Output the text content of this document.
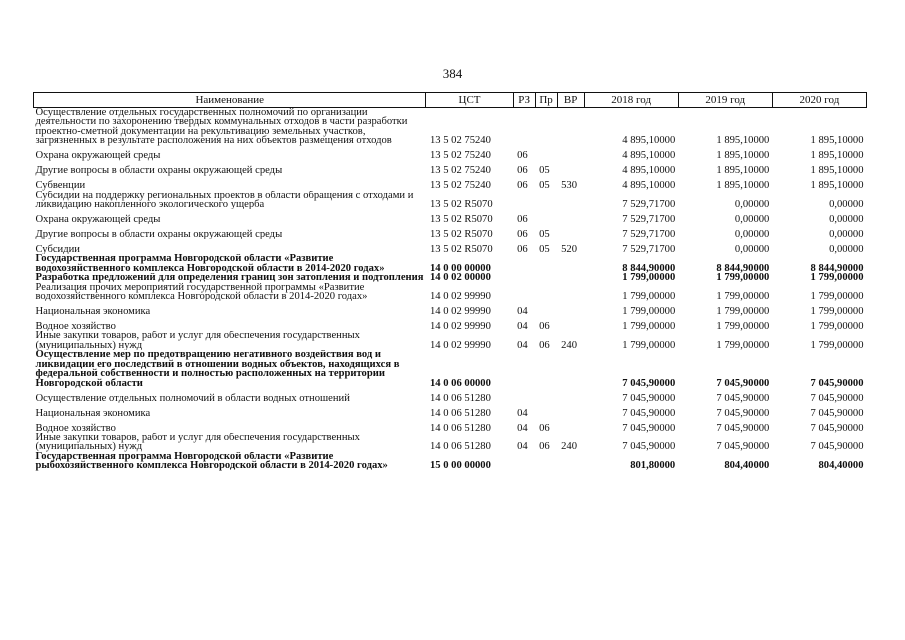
384
Наименование	ЦСТ	РЗ	Пр	ВР	2018 год	2019 год	2020 год
Осуществление отдельных государственных полномочий по организации деятельности по захоронению твердых коммунальных отходов в части разработки проектно-сметной документации на рекультивацию земельных участков, загрязненных в результате расположения на них объектов размещения отходов	13 5 02 75240				4 895,10000	1 895,10000	1 895,10000
Охрана окружающей среды	13 5 02 75240	06			4 895,10000	1 895,10000	1 895,10000
Другие вопросы в области охраны окружающей среды	13 5 02 75240	06	05		4 895,10000	1 895,10000	1 895,10000
Субвенции	13 5 02 75240	06	05	530	4 895,10000	1 895,10000	1 895,10000
Субсидии на поддержку региональных проектов в области обращения с отходами и ликвидацию накопленного экологического ущерба	13 5 02 R5070				7 529,71700	0,00000	0,00000
Охрана окружающей среды	13 5 02 R5070	06			7 529,71700	0,00000	0,00000
Другие вопросы в области охраны окружающей среды	13 5 02 R5070	06	05		7 529,71700	0,00000	0,00000
Субсидии	13 5 02 R5070	06	05	520	7 529,71700	0,00000	0,00000
Государственная программа Новгородской области «Развитие водохозяйственного комплекса Новгородской области в 2014-2020 годах»	14 0 00 00000				8 844,90000	8 844,90000	8 844,90000
Разработка предложений для определения границ зон затопления и подтопления	14 0 02 00000				1 799,00000	1 799,00000	1 799,00000
Реализация прочих мероприятий государственной программы «Развитие водохозяйственного комплекса Новгородской области в 2014-2020 годах»	14 0 02 99990				1 799,00000	1 799,00000	1 799,00000
Национальная экономика	14 0 02 99990	04			1 799,00000	1 799,00000	1 799,00000
Водное хозяйство	14 0 02 99990	04	06		1 799,00000	1 799,00000	1 799,00000
Иные закупки товаров, работ и услуг для обеспечения государственных (муниципальных) нужд	14 0 02 99990	04	06	240	1 799,00000	1 799,00000	1 799,00000
Осуществление мер по предотвращению негативного воздействия вод и ликвидации его последствий в отношении водных объектов, находящихся в федеральной собственности и полностью расположенных на территории Новгородской области	14 0 06 00000				7 045,90000	7 045,90000	7 045,90000
Осуществление отдельных полномочий в области водных отношений	14 0 06 51280				7 045,90000	7 045,90000	7 045,90000
Национальная экономика	14 0 06 51280	04			7 045,90000	7 045,90000	7 045,90000
Водное хозяйство	14 0 06 51280	04	06		7 045,90000	7 045,90000	7 045,90000
Иные закупки товаров, работ и услуг для обеспечения государственных (муниципальных) нужд	14 0 06 51280	04	06	240	7 045,90000	7 045,90000	7 045,90000
Государственная программа Новгородской области «Развитие рыбохозяйственного комплекса Новгородской области в 2014-2020 годах»	15 0 00 00000				801,80000	804,40000	804,40000
